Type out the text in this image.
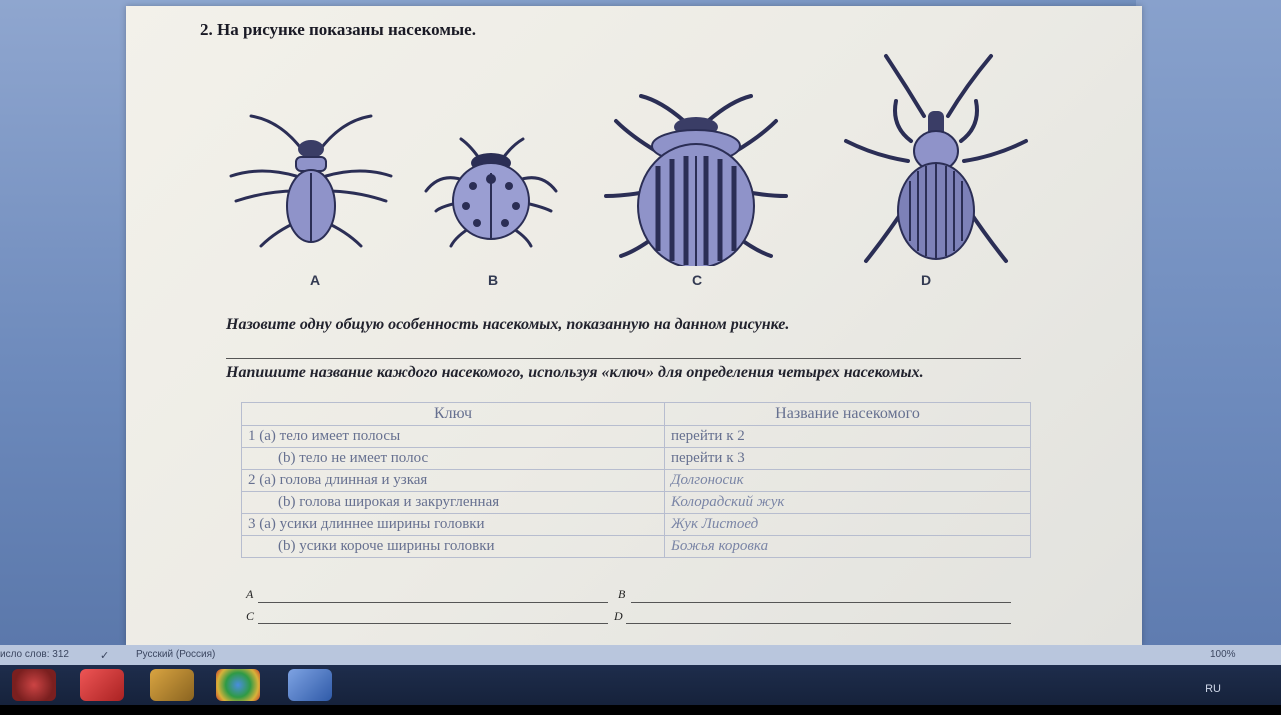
2. На рисунке показаны насекомые.
A	B	C	D
Назовите одну общую особенность насекомых, показанную на данном рисунке.
Напишите название каждого насекомого, используя «ключ» для определения четырех насекомых.
Ключ	Название насекомого
1 (a) тело имеет полосы	перейти к 2
(b) тело не имеет полос	перейти к 3
2 (a) голова длинная и узкая	Долгоносик
(b) голова широкая и закругленная	Колорадский жук
3 (a) усики длиннее ширины головки	Жук Листоед
(b) усики короче ширины головки	Божья коровка
A	B
C	D
исло слов: 312	✓	Русский (Россия)	100%
RU
